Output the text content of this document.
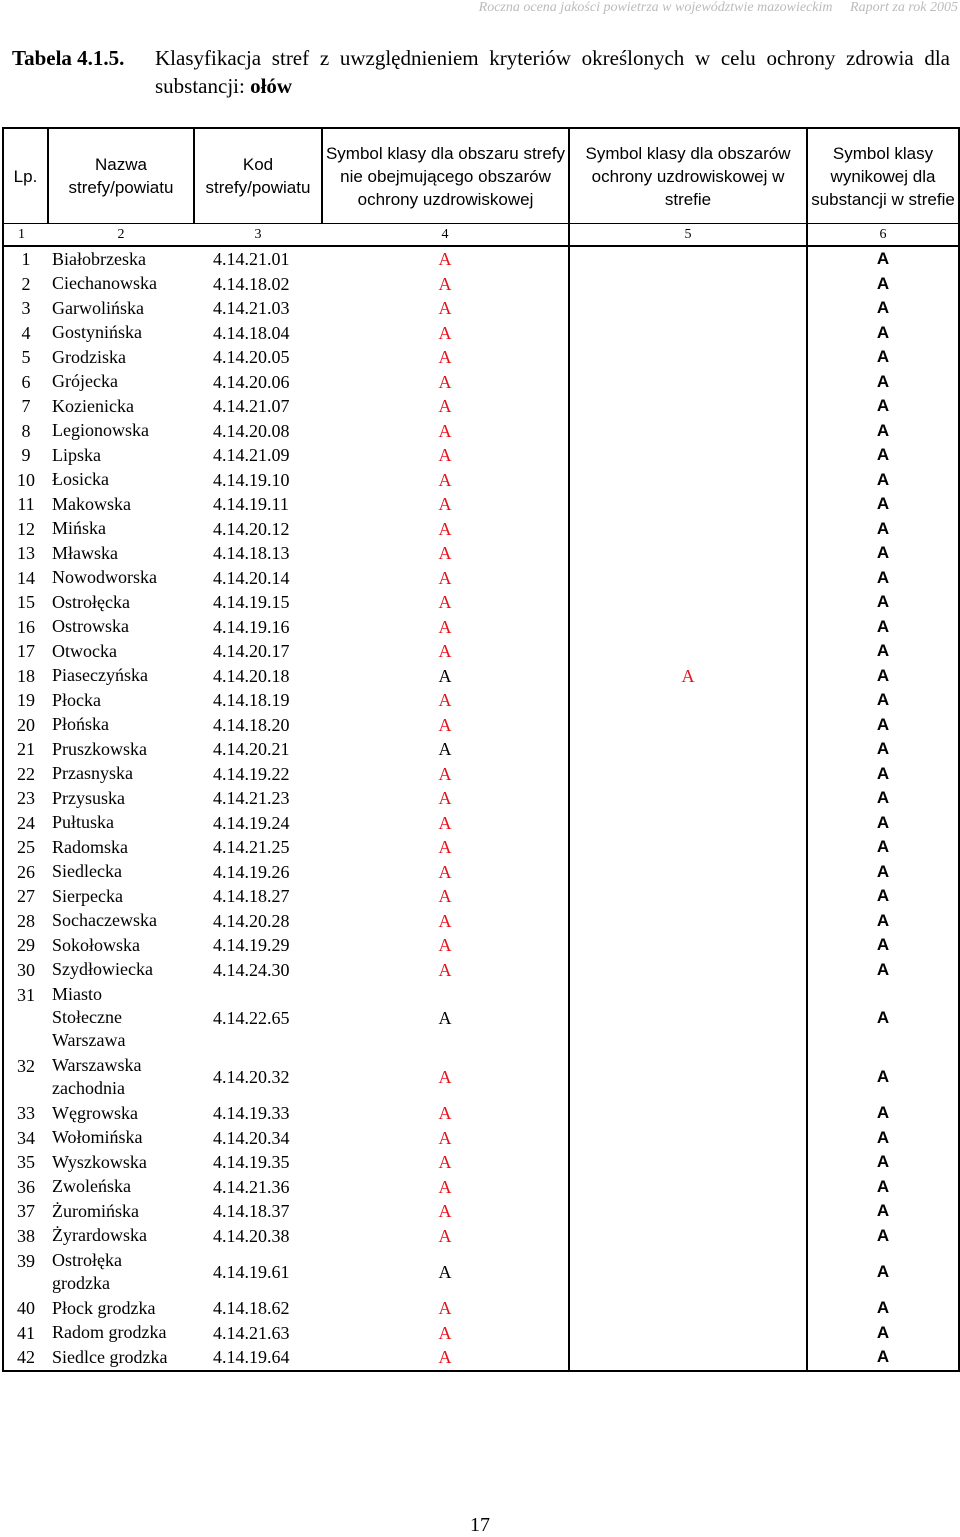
Roczna ocena jakości powietrza w województwie mazowieckim Raport za rok 2005
Tabela 4.1.5. Klasyfikacja stref z uwzględnieniem kryteriów określonych w celu ochrony zdrowia dla substancji: ołów
Lp.	Nazwa strefy/powiatu	Kod strefy/powiatu	Symbol klasy dla obszaru strefy nie obejmującego obszarów ochrony uzdrowiskowej	Symbol klasy dla obszarów ochrony uzdrowiskowej w strefie	Symbol klasy wynikowej dla substancji w strefie
1	2	3	4	5	6
1	Białobrzeska	4.14.21.01	A		A
2	Ciechanowska	4.14.18.02	A		A
3	Garwolińska	4.14.21.03	A		A
4	Gostynińska	4.14.18.04	A		A
5	Grodziska	4.14.20.05	A		A
6	Grójecka	4.14.20.06	A		A
7	Kozienicka	4.14.21.07	A		A
8	Legionowska	4.14.20.08	A		A
9	Lipska	4.14.21.09	A		A
10	Łosicka	4.14.19.10	A		A
11	Makowska	4.14.19.11	A		A
12	Mińska	4.14.20.12	A		A
13	Mławska	4.14.18.13	A		A
14	Nowodworska	4.14.20.14	A		A
15	Ostrołęcka	4.14.19.15	A		A
16	Ostrowska	4.14.19.16	A		A
17	Otwocka	4.14.20.17	A		A
18	Piaseczyńska	4.14.20.18	A	A	A
19	Płocka	4.14.18.19	A		A
20	Płońska	4.14.18.20	A		A
21	Pruszkowska	4.14.20.21	A		A
22	Przasnyska	4.14.19.22	A		A
23	Przysuska	4.14.21.23	A		A
24	Pułtuska	4.14.19.24	A		A
25	Radomska	4.14.21.25	A		A
26	Siedlecka	4.14.19.26	A		A
27	Sierpecka	4.14.18.27	A		A
28	Sochaczewska	4.14.20.28	A		A
29	Sokołowska	4.14.19.29	A		A
30	Szydłowiecka	4.14.24.30	A		A
31	Miasto
Stołeczne
Warszawa	4.14.22.65	A		A
32	Warszawska
zachodnia	4.14.20.32	A		A
33	Węgrowska	4.14.19.33	A		A
34	Wołomińska	4.14.20.34	A		A
35	Wyszkowska	4.14.19.35	A		A
36	Zwoleńska	4.14.21.36	A		A
37	Żuromińska	4.14.18.37	A		A
38	Żyrardowska	4.14.20.38	A		A
39	Ostrołęka
grodzka	4.14.19.61	A		A
40	Płock grodzka	4.14.18.62	A		A
41	Radom grodzka	4.14.21.63	A		A
42	Siedlce grodzka	4.14.19.64	A		A
17
